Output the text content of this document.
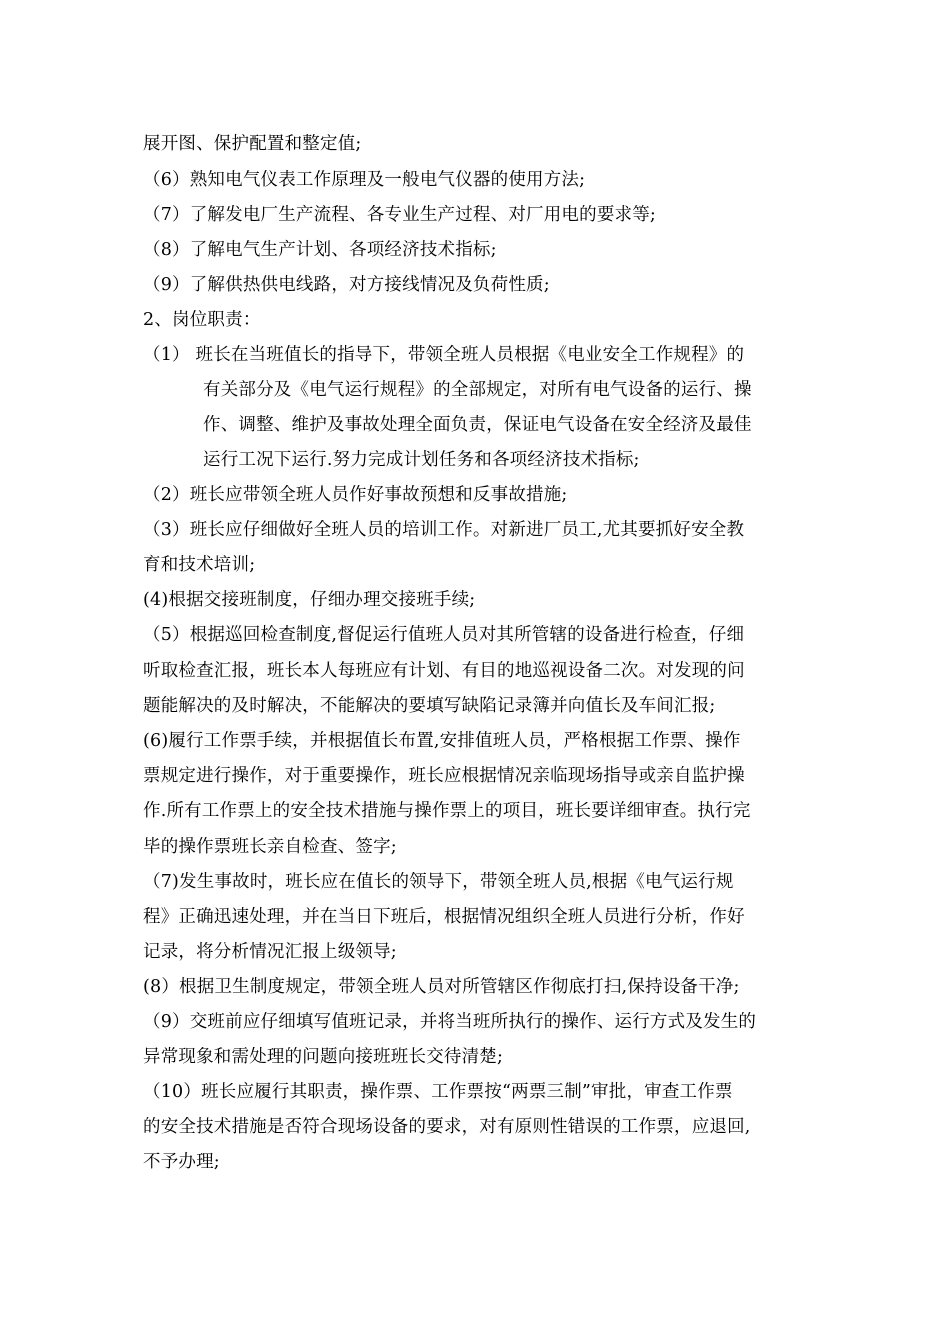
展开图、保护配置和整定值;
（6）熟知电气仪表工作原理及一般电气仪器的使用方法;
（7）了解发电厂生产流程、各专业生产过程、对厂用电的要求等;
（8）了解电气生产计划、各项经济技术指标;
（9）了解供热供电线路，对方接线情况及负荷性质;
2、岗位职责：
（1） 班长在当班值长的指导下，带领全班人员根据《电业安全工作规程》的
有关部分及《电气运行规程》的全部规定，对所有电气设备的运行、操
作、调整、维护及事故处理全面负责，保证电气设备在安全经济及最佳
运行工况下运行.努力完成计划任务和各项经济技术指标;
（2）班长应带领全班人员作好事故预想和反事故措施;
（3）班长应仔细做好全班人员的培训工作。对新进厂员工,尤其要抓好安全教
育和技术培训;
(4)根据交接班制度，仔细办理交接班手续;
（5）根据巡回检查制度,督促运行值班人员对其所管辖的设备进行检查，仔细
听取检查汇报，班长本人每班应有计划、有目的地巡视设备二次。对发现的问
题能解决的及时解决，不能解决的要填写缺陷记录簿并向值长及车间汇报;
(6)履行工作票手续，并根据值长布置,安排值班人员，严格根据工作票、操作
票规定进行操作，对于重要操作，班长应根据情况亲临现场指导或亲自监护操
作.所有工作票上的安全技术措施与操作票上的项目，班长要详细审查。执行完
毕的操作票班长亲自检查、签字;
（7)发生事故时，班长应在值长的领导下，带领全班人员,根据《电气运行规
程》正确迅速处理，并在当日下班后，根据情况组织全班人员进行分析，作好
记录，将分析情况汇报上级领导;
(8）根据卫生制度规定，带领全班人员对所管辖区作彻底打扫,保持设备干净;
（9）交班前应仔细填写值班记录，并将当班所执行的操作、运行方式及发生的
异常现象和需处理的问题向接班班长交待清楚;
（10）班长应履行其职责，操作票、工作票按“两票三制”审批，审查工作票
的安全技术措施是否符合现场设备的要求，对有原则性错误的工作票，应退回,
不予办理;
